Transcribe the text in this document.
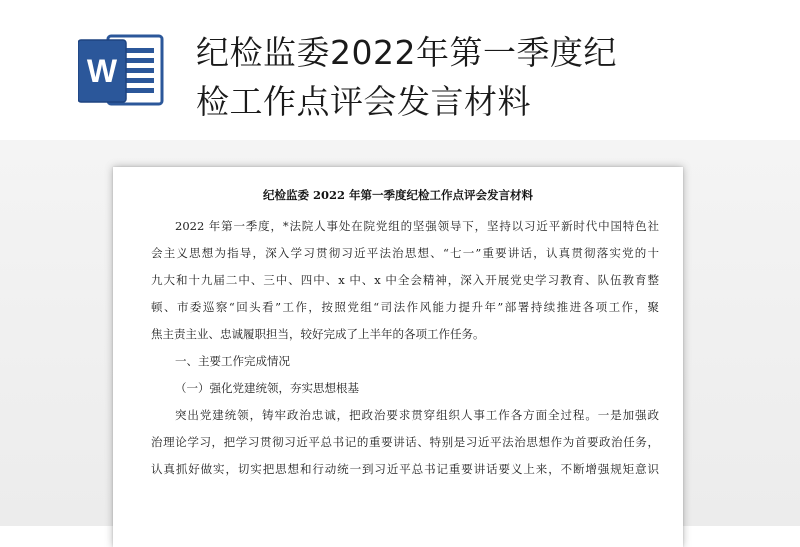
W 纪检监委2022年第一季度纪
检工作点评会发言材料
纪检监委 2022 年第一季度纪检工作点评会发言材料
2022 年第一季度，*法院人事处在院党组的坚强领导下，坚持以习近平新时代中国特色社
会主义思想为指导，深入学习贯彻习近平法治思想、“七一”重要讲话，认真贯彻落实党的十
九大和十九届二中、三中、四中、x 中、x 中全会精神，深入开展党史学习教育、队伍教育整
顿、市委巡察“回头看”工作，按照党组“司法作风能力提升年”部署持续推进各项工作，聚
焦主责主业、忠诚履职担当，较好完成了上半年的各项工作任务。
一、主要工作完成情况
（一）强化党建统领，夯实思想根基
突出党建统领，铸牢政治忠诚，把政治要求贯穿组织人事工作各方面全过程。一是加强政
治理论学习，把学习贯彻习近平总书记的重要讲话、特别是习近平法治思想作为首要政治任务，
认真抓好做实，切实把思想和行动统一到习近平总书记重要讲话要义上来，不断增强规矩意识
